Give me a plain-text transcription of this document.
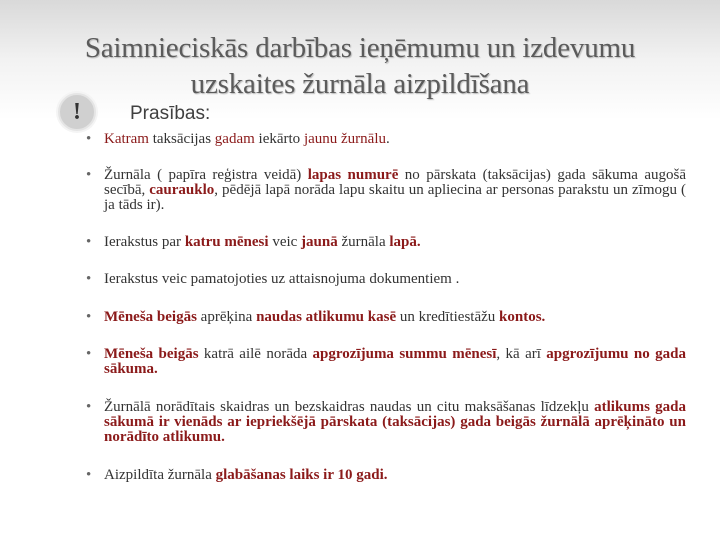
Saimnieciskās darbības ieņēmumu un izdevumu
uzskaites žurnāla aizpildīšana
!	Prasības:
• Katram taksācijas gadam iekārto jaunu žurnālu.
• Žurnāla ( papīra reģistra veidā) lapas numurē no pārskata (taksācijas) gada sākuma augošā secībā, caurauklo, pēdējā lapā norāda lapu skaitu un apliecina ar personas parakstu un zīmogu ( ja tāds ir).
• Ierakstus par katru mēnesi veic jaunā žurnāla lapā.
• Ierakstus veic pamatojoties uz attaisnojuma dokumentiem .
• Mēneša beigās aprēķina naudas atlikumu kasē un kredītiestāžu kontos.
• Mēneša beigās katrā ailē norāda apgrozījuma summu mēnesī, kā arī apgrozījumu no gada sākuma.
• Žurnālā norādītais skaidras un bezskaidras naudas un citu maksāšanas līdzekļu atlikums gada sākumā ir vienāds ar iepriekšējā pārskata (taksācijas) gada beigās žurnālā aprēķināto un norādīto atlikumu.
• Aizpildīta žurnāla glabāšanas laiks ir 10 gadi.
